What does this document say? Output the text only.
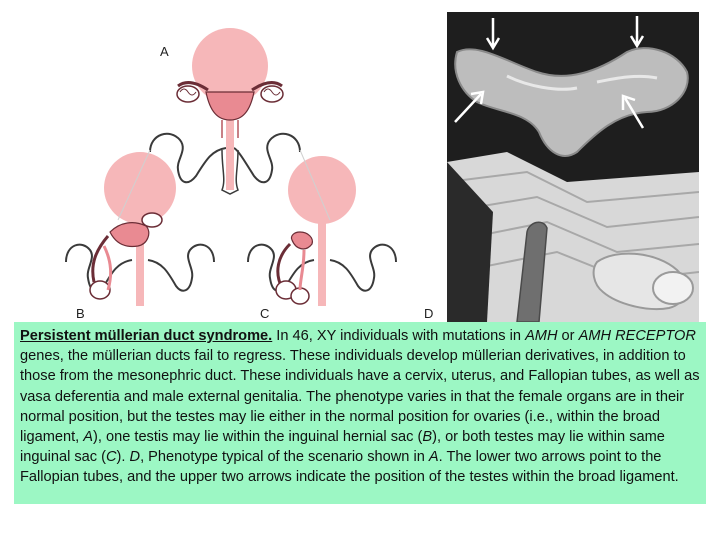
A
B	C	D
Persistent müllerian duct syndrome. In 46, XY individuals with mutations in AMH or AMH RECEPTOR genes, the müllerian ducts fail to regress. These individuals develop müllerian derivatives, in addition to those from the mesonephric duct. These individuals have a cervix, uterus, and Fallopian tubes, as well as vasa deferentia and male external genitalia. The phenotype varies in that the female organs are in their normal position, but the testes may lie either in the normal position for ovaries (i.e., within the broad ligament, A), one testis may lie within the inguinal hernial sac (B), or both testes may lie within same inguinal sac (C). D, Phenotype typical of the scenario shown in A. The lower two arrows point to the Fallopian tubes, and the upper two arrows indicate the position of the testes within the broad ligament.
